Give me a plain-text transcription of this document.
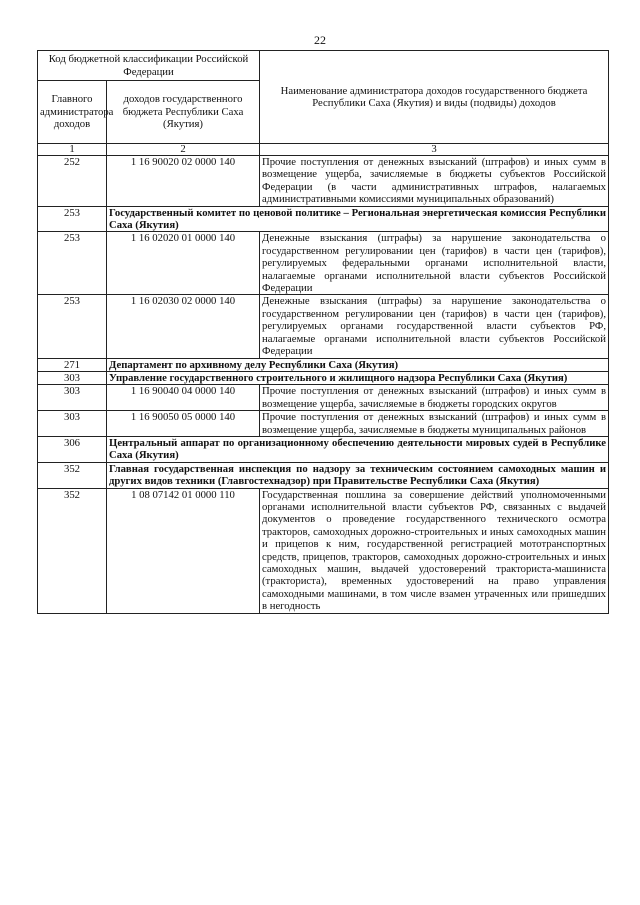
22
Код бюджетной классификации Российской Федерации		Наименование администратора доходов государственного бюджета Республики Саха (Якутия) и виды (подвиды) доходов
Главного администратора доходов	доходов государственного бюджета Республики Саха (Якутия)	
1	2	3
252	1 16 90020 02 0000 140	Прочие поступления от денежных взысканий (штрафов) и иных сумм в возмещение ущерба, зачисляемые в бюджеты субъектов Российской Федерации (в части административных штрафов, налагаемых административными комиссиями муниципальных образований)
253	Государственный комитет по ценовой политике – Региональная энергетическая комиссия Республики Саха (Якутия)	
253	1 16 02020 01 0000 140	Денежные взыскания (штрафы) за нарушение законодательства о государственном регулировании цен (тарифов) в части цен (тарифов), регулируемых федеральными органами исполнительной власти, налагаемые органами исполнительной власти субъектов Российской Федерации
253	1 16 02030 02 0000 140	Денежные взыскания (штрафы) за нарушение законодательства о государственном регулировании цен (тарифов) в части цен (тарифов), регулируемых органами государственной власти субъектов РФ, налагаемые органами исполнительной власти субъектов Российской Федерации
271	Департамент по архивному делу Республики Саха (Якутия)	
303	Управление государственного строительного и жилищного надзора Республики Саха (Якутия)	
303	1 16 90040 04 0000 140	Прочие поступления от денежных взысканий (штрафов) и иных сумм в возмещение ущерба, зачисляемые в бюджеты городских округов
303	1 16 90050 05 0000 140	Прочие поступления от денежных взысканий (штрафов) и иных сумм в возмещение ущерба, зачисляемые в бюджеты муниципальных районов
306	Центральный аппарат по организационному обеспечению деятельности мировых судей в Республике Саха (Якутия)	
352	Главная государственная инспекция по надзору за техническим состоянием самоходных машин и других видов техники (Главгостехнадзор) при Правительстве Республики Саха (Якутия)	
352	1 08 07142 01 0000 110	Государственная пошлина за совершение действий уполномоченными органами исполнительной власти субъектов РФ, связанных с выдачей документов о проведение государственного технического осмотра тракторов, самоходных дорожно-строительных и иных самоходных машин и прицепов к ним, государственной регистрацией мототранспортных средств, прицепов, тракторов, самоходных дорожно-строительных и иных самоходных машин, выдачей удостоверений тракториста-машиниста (тракториста), временных удостоверений на право управления самоходными машинами, в том числе взамен утраченных или пришедших в негодность
